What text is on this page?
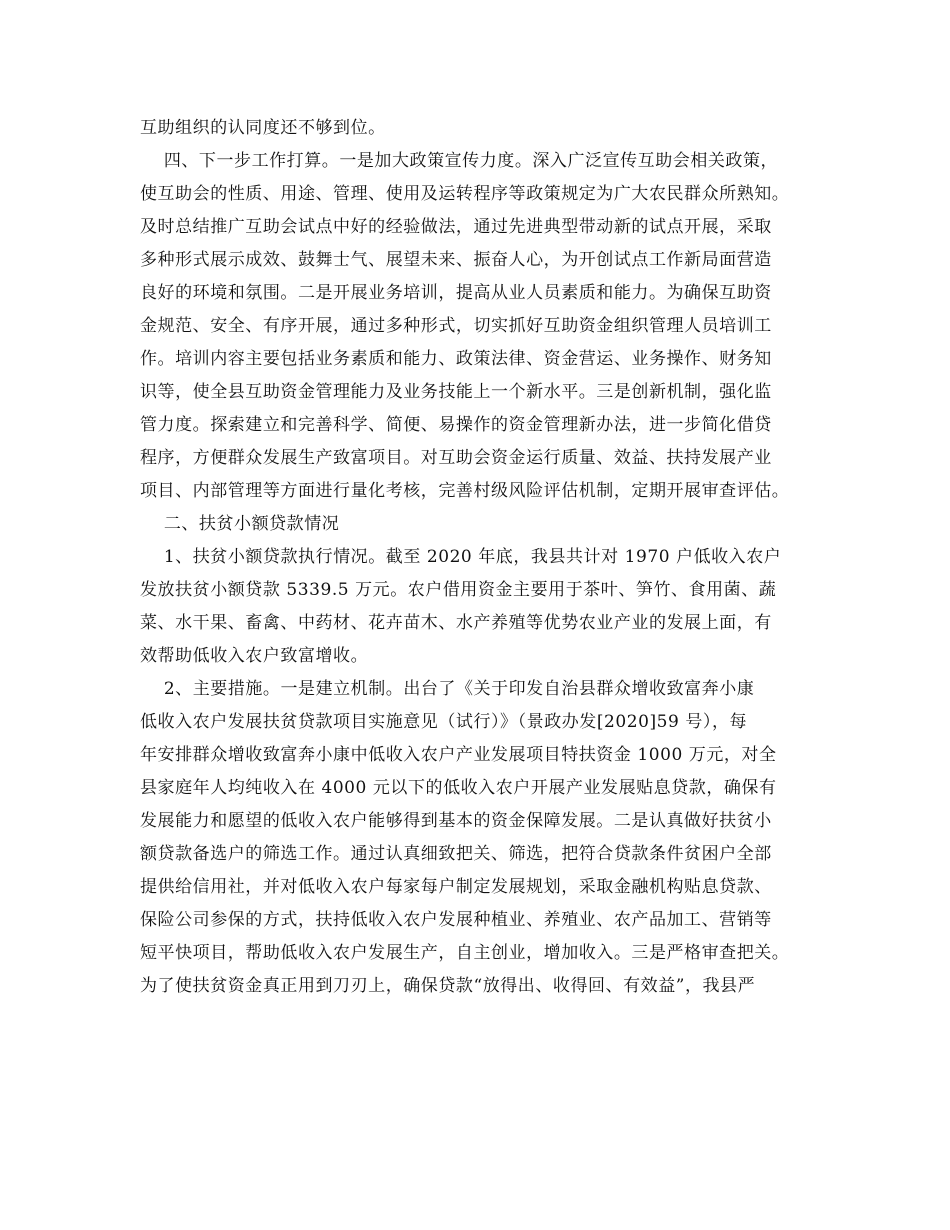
互助组织的认同度还不够到位。
四、下一步工作打算。一是加大政策宣传力度。深入广泛宣传互助会相关政策，
使互助会的性质、用途、管理、使用及运转程序等政策规定为广大农民群众所熟知。
及时总结推广互助会试点中好的经验做法，通过先进典型带动新的试点开展，采取
多种形式展示成效、鼓舞士气、展望未来、振奋人心，为开创试点工作新局面营造
良好的环境和氛围。二是开展业务培训，提高从业人员素质和能力。为确保互助资
金规范、安全、有序开展，通过多种形式，切实抓好互助资金组织管理人员培训工
作。培训内容主要包括业务素质和能力、政策法律、资金营运、业务操作、财务知
识等，使全县互助资金管理能力及业务技能上一个新水平。三是创新机制，强化监
管力度。探索建立和完善科学、简便、易操作的资金管理新办法，进一步简化借贷
程序，方便群众发展生产致富项目。对互助会资金运行质量、效益、扶持发展产业
项目、内部管理等方面进行量化考核，完善村级风险评估机制，定期开展审查评估。
二、扶贫小额贷款情况
1、扶贫小额贷款执行情况。截至 2020 年底，我县共计对 1970 户低收入农户
发放扶贫小额贷款 5339.5 万元。农户借用资金主要用于茶叶、笋竹、食用菌、蔬
菜、水干果、畜禽、中药材、花卉苗木、水产养殖等优势农业产业的发展上面，有
效帮助低收入农户致富增收。
2、主要措施。一是建立机制。出台了《关于印发自治县群众增收致富奔小康
低收入农户发展扶贫贷款项目实施意见（试行）》（景政办发[2020]59 号），每
年安排群众增收致富奔小康中低收入农户产业发展项目特扶资金 1000 万元，对全
县家庭年人均纯收入在 4000 元以下的低收入农户开展产业发展贴息贷款，确保有
发展能力和愿望的低收入农户能够得到基本的资金保障发展。二是认真做好扶贫小
额贷款备选户的筛选工作。通过认真细致把关、筛选，把符合贷款条件贫困户全部
提供给信用社，并对低收入农户每家每户制定发展规划，采取金融机构贴息贷款、
保险公司参保的方式，扶持低收入农户发展种植业、养殖业、农产品加工、营销等
短平快项目，帮助低收入农户发展生产，自主创业，增加收入。三是严格审查把关。
为了使扶贫资金真正用到刀刃上，确保贷款“放得出、收得回、有效益”，我县严
